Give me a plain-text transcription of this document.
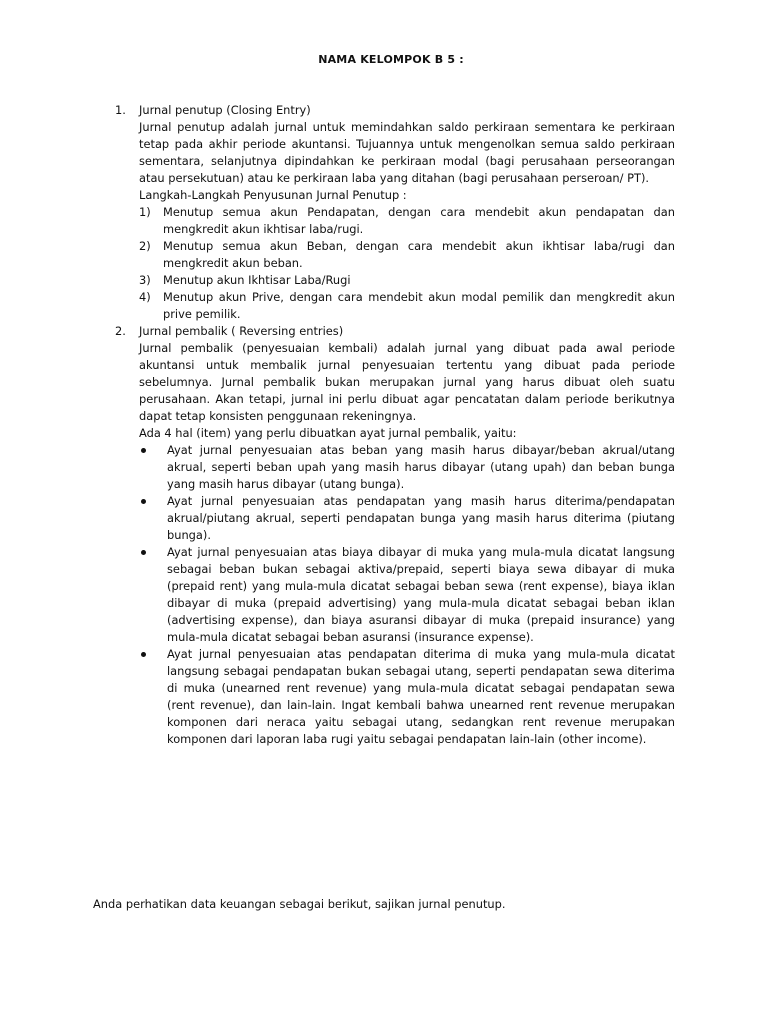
NAMA KELOMPOK B 5 :
1. Jurnal penutup (Closing Entry)
Jurnal penutup adalah jurnal untuk memindahkan saldo perkiraan sementara ke perkiraan tetap pada akhir periode akuntansi. Tujuannya untuk mengenolkan semua saldo perkiraan sementara, selanjutnya dipindahkan ke perkiraan modal (bagi perusahaan perseorangan atau persekutuan) atau ke perkiraan laba yang ditahan (bagi perusahaan perseroan/ PT).
Langkah-Langkah Penyusunan Jurnal Penutup :
1) Menutup semua akun Pendapatan, dengan cara mendebit akun pendapatan dan mengkredit akun ikhtisar laba/rugi.
2) Menutup semua akun Beban, dengan cara mendebit akun ikhtisar laba/rugi dan mengkredit akun beban.
3) Menutup akun Ikhtisar Laba/Rugi
4) Menutup akun Prive, dengan cara mendebit akun modal pemilik dan mengkredit akun prive pemilik.
2. Jurnal pembalik ( Reversing entries)
Jurnal pembalik (penyesuaian kembali) adalah jurnal yang dibuat pada awal periode akuntansi untuk membalik jurnal penyesuaian tertentu yang dibuat pada periode sebelumnya. Jurnal pembalik bukan merupakan jurnal yang harus dibuat oleh suatu perusahaan. Akan tetapi, jurnal ini perlu dibuat agar pencatatan dalam periode berikutnya dapat tetap konsisten penggunaan rekeningnya.
Ada 4 hal (item) yang perlu dibuatkan ayat jurnal pembalik, yaitu:
Ayat jurnal penyesuaian atas beban yang masih harus dibayar/beban akrual/utang akrual, seperti beban upah yang masih harus dibayar (utang upah) dan beban bunga yang masih harus dibayar (utang bunga).
Ayat jurnal penyesuaian atas pendapatan yang masih harus diterima/pendapatan akrual/piutang akrual, seperti pendapatan bunga yang masih harus diterima (piutang bunga).
Ayat jurnal penyesuaian atas biaya dibayar di muka yang mula-mula dicatat langsung sebagai beban bukan sebagai aktiva/prepaid, seperti biaya sewa dibayar di muka (prepaid rent) yang mula-mula dicatat sebagai beban sewa (rent expense), biaya iklan dibayar di muka (prepaid advertising) yang mula-mula dicatat sebagai beban iklan (advertising expense), dan biaya asuransi dibayar di muka (prepaid insurance) yang mula-mula dicatat sebagai beban asuransi (insurance expense).
Ayat jurnal penyesuaian atas pendapatan diterima di muka yang mula-mula dicatat langsung sebagai pendapatan bukan sebagai utang, seperti pendapatan sewa diterima di muka (unearned rent revenue) yang mula-mula dicatat sebagai pendapatan sewa (rent revenue), dan lain-lain. Ingat kembali bahwa unearned rent revenue merupakan komponen dari neraca yaitu sebagai utang, sedangkan rent revenue merupakan komponen dari laporan laba rugi yaitu sebagai pendapatan lain-lain (other income).
Anda perhatikan data keuangan sebagai berikut, sajikan jurnal penutup.
